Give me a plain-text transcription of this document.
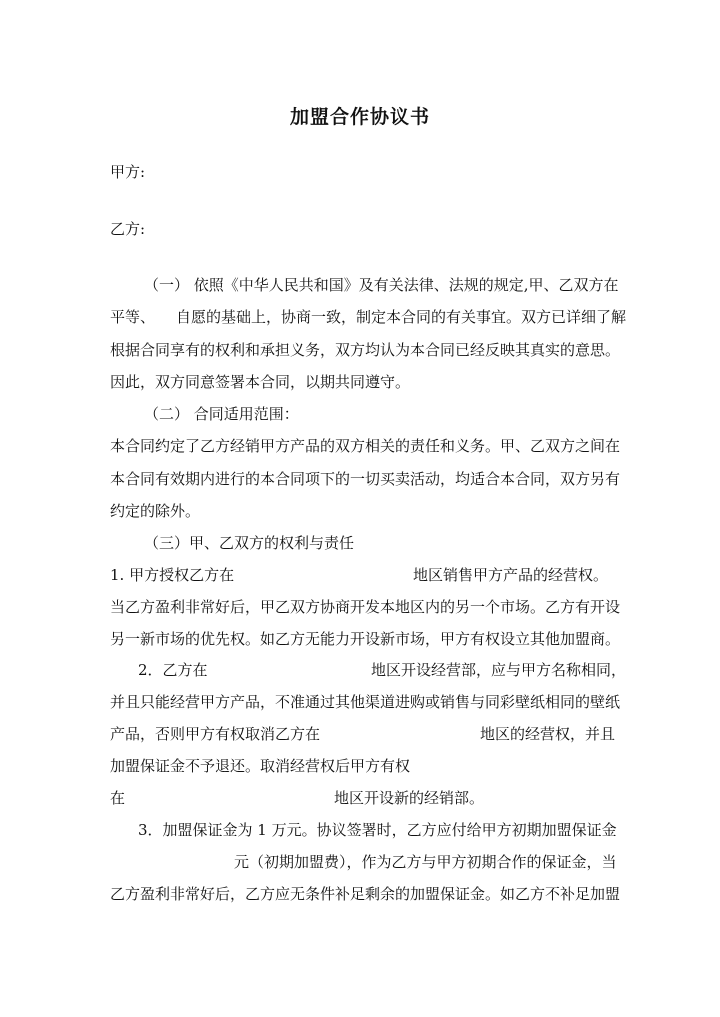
加盟合作协议书
甲方:
乙方:
（一） 依照《中华人民共和国》及有关法律、法规的规定,甲、乙双方在
平等、 自愿的基础上，协商一致，制定本合同的有关事宜。双方已详细了解
根据合同享有的权利和承担义务，双方均认为本合同已经反映其真实的意思。
因此，双方同意签署本合同，以期共同遵守。
（二） 合同适用范围：
本合同约定了乙方经销甲方产品的双方相关的责任和义务。甲、乙双方之间在
本合同有效期内进行的本合同项下的一切买卖活动，均适合本合同，双方另有
约定的除外。
（三）甲、乙双方的权利与责任
1. 甲方授权乙方在	地区销售甲方产品的经营权。
当乙方盈利非常好后，甲乙双方协商开发本地区内的另一个市场。乙方有开设
另一新市场的优先权。如乙方无能力开设新市场，甲方有权设立其他加盟商。
2．乙方在	地区开设经营部，应与甲方名称相同，
并且只能经营甲方产品，不准通过其他渠道进购或销售与同彩壁纸相同的壁纸
产品，否则甲方有权取消乙方在	地区的经营权，并且
加盟保证金不予退还。取消经营权后甲方有权
在	地区开设新的经销部。
3．加盟保证金为 1 万元。协议签署时，乙方应付给甲方初期加盟保证金
元（初期加盟费），作为乙方与甲方初期合作的保证金，当
乙方盈利非常好后，乙方应无条件补足剩余的加盟保证金。如乙方不补足加盟
